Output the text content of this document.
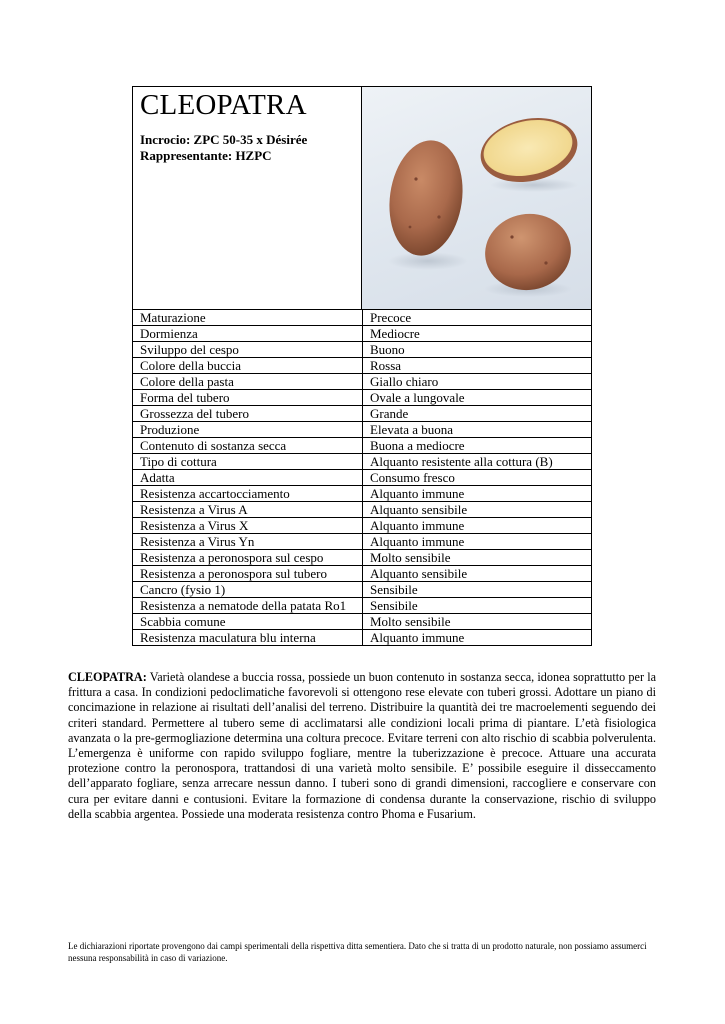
CLEOPATRA

Incrocio: ZPC 50-35 x Désirée

Rappresentante: HZPC

Maturazione	Precoce
Dormienza	Mediocre
Sviluppo del cespo	Buono
Colore della buccia	Rossa
Colore della pasta	Giallo chiaro
Forma del tubero	Ovale a lungovale
Grossezza del tubero	Grande
Produzione	Elevata a buona
Contenuto di sostanza secca	Buona a mediocre
Tipo di cottura	Alquanto resistente alla cottura (B)
Adatta	Consumo fresco
Resistenza accartocciamento	Alquanto immune
Resistenza a Virus A	Alquanto sensibile
Resistenza a Virus X	Alquanto immune
Resistenza a Virus Yn	Alquanto immune
Resistenza a peronospora sul cespo	Molto sensibile
Resistenza a peronospora sul tubero	Alquanto sensibile
Cancro (fysio 1)	Sensibile
Resistenza a nematode della patata Ro1	Sensibile
Scabbia comune	Molto sensibile
Resistenza maculatura blu interna	Alquanto immune

CLEOPATRA: Varietà olandese a buccia rossa, possiede un buon contenuto in sostanza secca, idonea soprattutto per la frittura a casa. In condizioni pedoclimatiche favorevoli si ottengono rese elevate con tuberi grossi. Adottare un piano di concimazione in relazione ai risultati dell’analisi del terreno. Distribuire la quantità dei tre macroelementi seguendo dei criteri standard. Permettere al tubero seme di acclimatarsi alle condizioni locali prima di piantare. L’età fisiologica avanzata o la pre-germogliazione determina una coltura precoce. Evitare terreni con alto rischio di scabbia polverulenta. L’emergenza è uniforme con rapido sviluppo fogliare, mentre la tuberizzazione è precoce. Attuare una accurata protezione contro la peronospora, trattandosi di una varietà molto sensibile. E’ possibile eseguire il disseccamento dell’apparato fogliare, senza arrecare nessun danno. I tuberi sono di grandi dimensioni, raccogliere e conservare con cura per evitare danni e contusioni. Evitare la formazione di condensa durante la conservazione, rischio di sviluppo della scabbia argentea. Possiede una moderata resistenza contro Phoma e Fusarium.

Le dichiarazioni riportate provengono dai campi sperimentali della rispettiva ditta sementiera. Dato che si tratta di un prodotto naturale, non possiamo assumerci nessuna responsabilità in caso di variazione.
